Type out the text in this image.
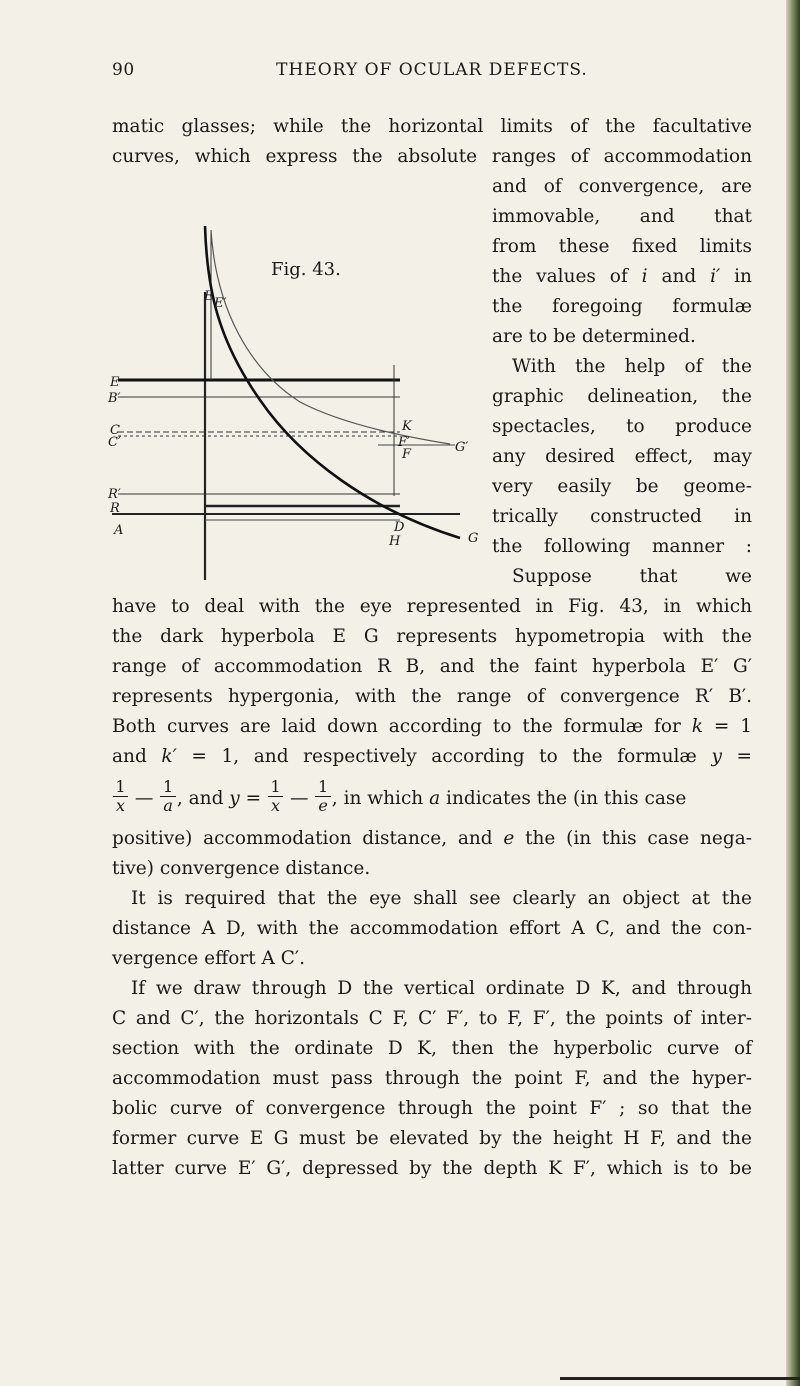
90	THEORY OF OCULAR DEFECTS.
Fig. 43.
E E′
E
B′
C
C′
R′
R
A
K
F′
F	G′
D
H	G
matic glasses; while the horizontal limits of the facultative
curves, which express the absolute ranges of accommodation
and of convergence, are
immovable, and that
from these fixed limits
the values of i and i′ in
the foregoing formulæ
are to be determined.
With the help of the
graphic delineation, the
spectacles, to produce
any desired effect, may
very easily be geome-
trically constructed in
the following manner :
Suppose that we
have to deal with the eye represented in Fig. 43, in which
the dark hyperbola E G represents hypometropia with the
range of accommodation R B, and the faint hyperbola E′ G′
represents hypergonia, with the range of convergence R′ B′.
Both curves are laid down according to the formulæ for k = 1
and k′ = 1, and respectively according to the formulæ y =
$\frac{1}{x}$ — $\frac{1}{a}$ , and $y = \frac{1}{x}$ — $\frac{1}{e}$ , in which a indicates the (in this case
positive) accommodation distance, and e the (in this case nega-
tive) convergence distance.
It is required that the eye shall see clearly an object at the
distance A D, with the accommodation effort A C, and the con-
vergence effort A C′.
If we draw through D the vertical ordinate D K, and through
C and C′, the horizontals C F, C′ F′, to F, F′, the points of inter-
section with the ordinate D K, then the hyperbolic curve of
accommodation must pass through the point F, and the hyper-
bolic curve of convergence through the point F′ ; so that the
former curve E G must be elevated by the height H F, and the
latter curve E′ G′, depressed by the depth K F′, which is to be
